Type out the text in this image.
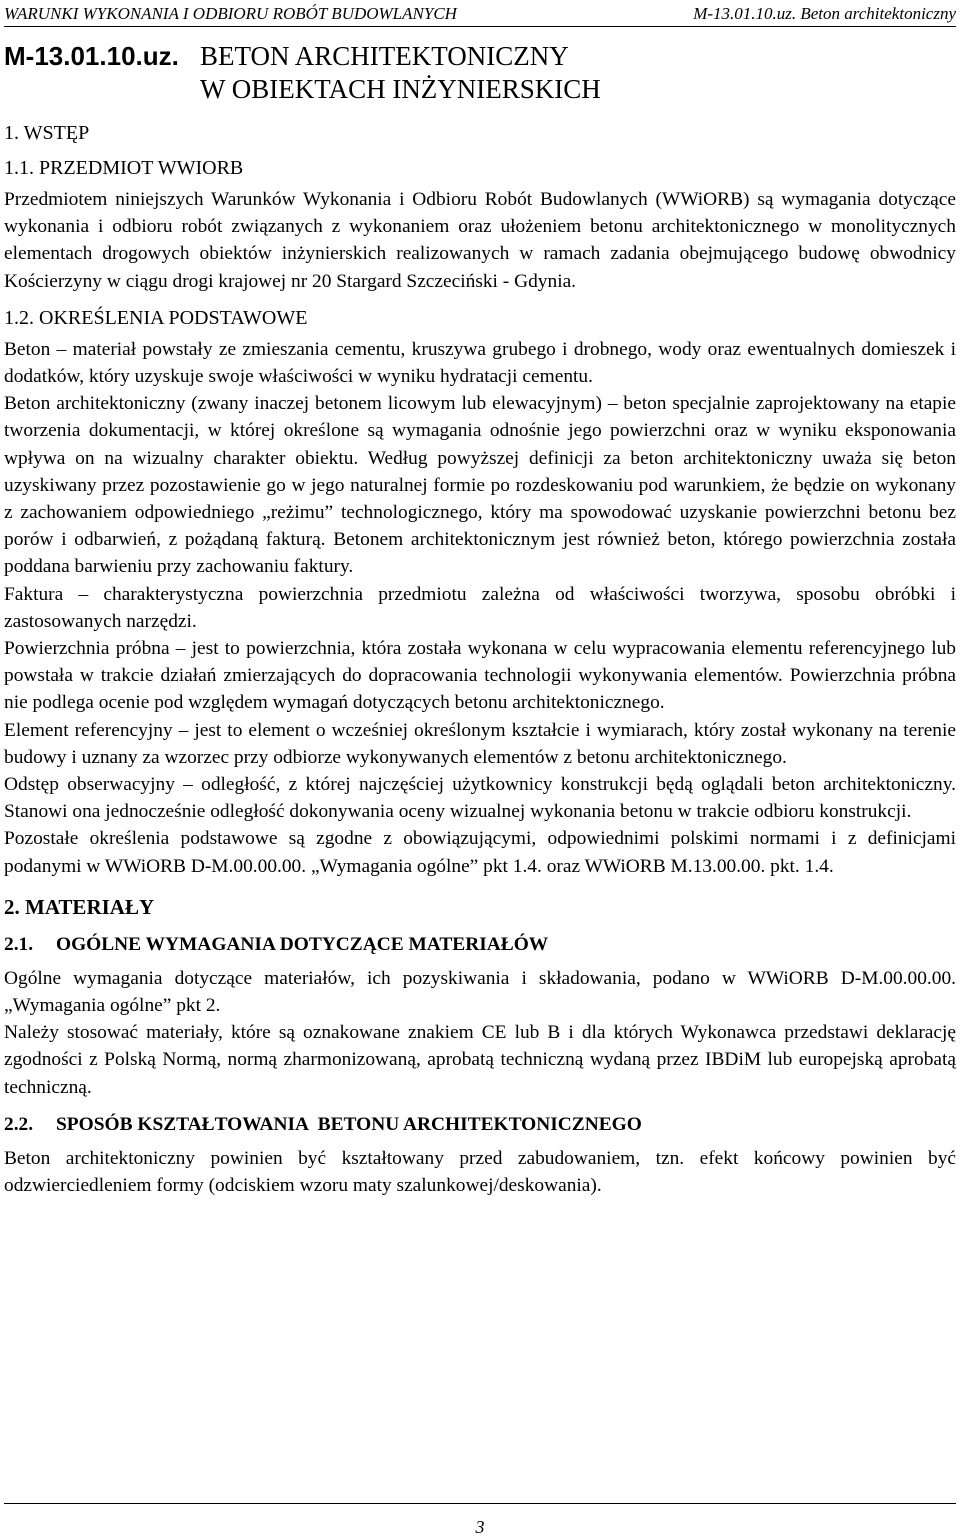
WARUNKI WYKONANIA I ODBIORU ROBÓT BUDOWLANYCH	M-13.01.10.uz. Beton architektoniczny
M-13.01.10.uz. BETON ARCHITEKTONICZNY
W OBIEKTACH INŻYNIERSKICH
1. WSTĘP
1.1. PRZEDMIOT WWIORB

Przedmiotem niniejszych Warunków Wykonania i Odbioru Robót Budowlanych (WWiORB) są wymagania dotyczące wykonania i odbioru robót związanych z wykonaniem oraz ułożeniem betonu architektonicznego w monolitycznych elementach drogowych obiektów inżynierskich realizowanych w ramach zadania obejmującego budowę obwodnicy Kościerzyny w ciągu drogi krajowej nr 20 Stargard Szczeciński - Gdynia.

1.2. OKREŚLENIA PODSTAWOWE

Beton – materiał powstały ze zmieszania cementu, kruszywa grubego i drobnego, wody oraz ewentualnych domieszek i dodatków, który uzyskuje swoje właściwości w wyniku hydratacji cementu.

Beton architektoniczny (zwany inaczej betonem licowym lub elewacyjnym) – beton specjalnie zaprojektowany na etapie tworzenia dokumentacji, w której określone są wymagania odnośnie jego powierzchni oraz w wyniku eksponowania wpływa on na wizualny charakter obiektu. Według powyższej definicji za beton architektoniczny uważa się beton uzyskiwany przez pozostawienie go w jego naturalnej formie po rozdeskowaniu pod warunkiem, że będzie on wykonany z zachowaniem odpowiedniego „reżimu” technologicznego, który ma spowodować uzyskanie powierzchni betonu bez porów i odbarwień, z pożądaną fakturą. Betonem architektonicznym jest również beton, którego powierzchnia została poddana barwieniu przy zachowaniu faktury.

Faktura – charakterystyczna powierzchnia przedmiotu zależna od właściwości tworzywa, sposobu obróbki i zastosowanych narzędzi.

Powierzchnia próbna – jest to powierzchnia, która została wykonana w celu wypracowania elementu referencyjnego lub powstała w trakcie działań zmierzających do dopracowania technologii wykonywania elementów. Powierzchnia próbna nie podlega ocenie pod względem wymagań dotyczących betonu architektonicznego.

Element referencyjny – jest to element o wcześniej określonym kształcie i wymiarach, który został wykonany na terenie budowy i uznany za wzorzec przy odbiorze wykonywanych elementów z betonu architektonicznego.

Odstęp obserwacyjny – odległość, z której najczęściej użytkownicy konstrukcji będą oglądali beton architektoniczny. Stanowi ona jednocześnie odległość dokonywania oceny wizualnej wykonania betonu w trakcie odbioru konstrukcji.

Pozostałe określenia podstawowe są zgodne z obowiązującymi, odpowiednimi polskimi normami i z definicjami podanymi w WWiORB D-M.00.00.00. „Wymagania ogólne” pkt 1.4. oraz WWiORB M.13.00.00. pkt. 1.4.

2. MATERIAŁY
2.1. OGÓLNE WYMAGANIA DOTYCZĄCE MATERIAŁÓW

Ogólne wymagania dotyczące materiałów, ich pozyskiwania i składowania, podano w WWiORB D-M.00.00.00. „Wymagania ogólne” pkt 2.

Należy stosować materiały, które są oznakowane znakiem CE lub B i dla których Wykonawca przedstawi deklarację zgodności z Polską Normą, normą zharmonizowaną, aprobatą techniczną wydaną przez IBDiM lub europejską aprobatą techniczną.

2.2. SPOSÓB KSZTAŁTOWANIA  BETONU ARCHITEKTONICZNEGO

Beton architektoniczny powinien być kształtowany przed zabudowaniem, tzn. efekt końcowy powinien być odzwierciedleniem formy (odciskiem wzoru maty szalunkowej/deskowania).

3
